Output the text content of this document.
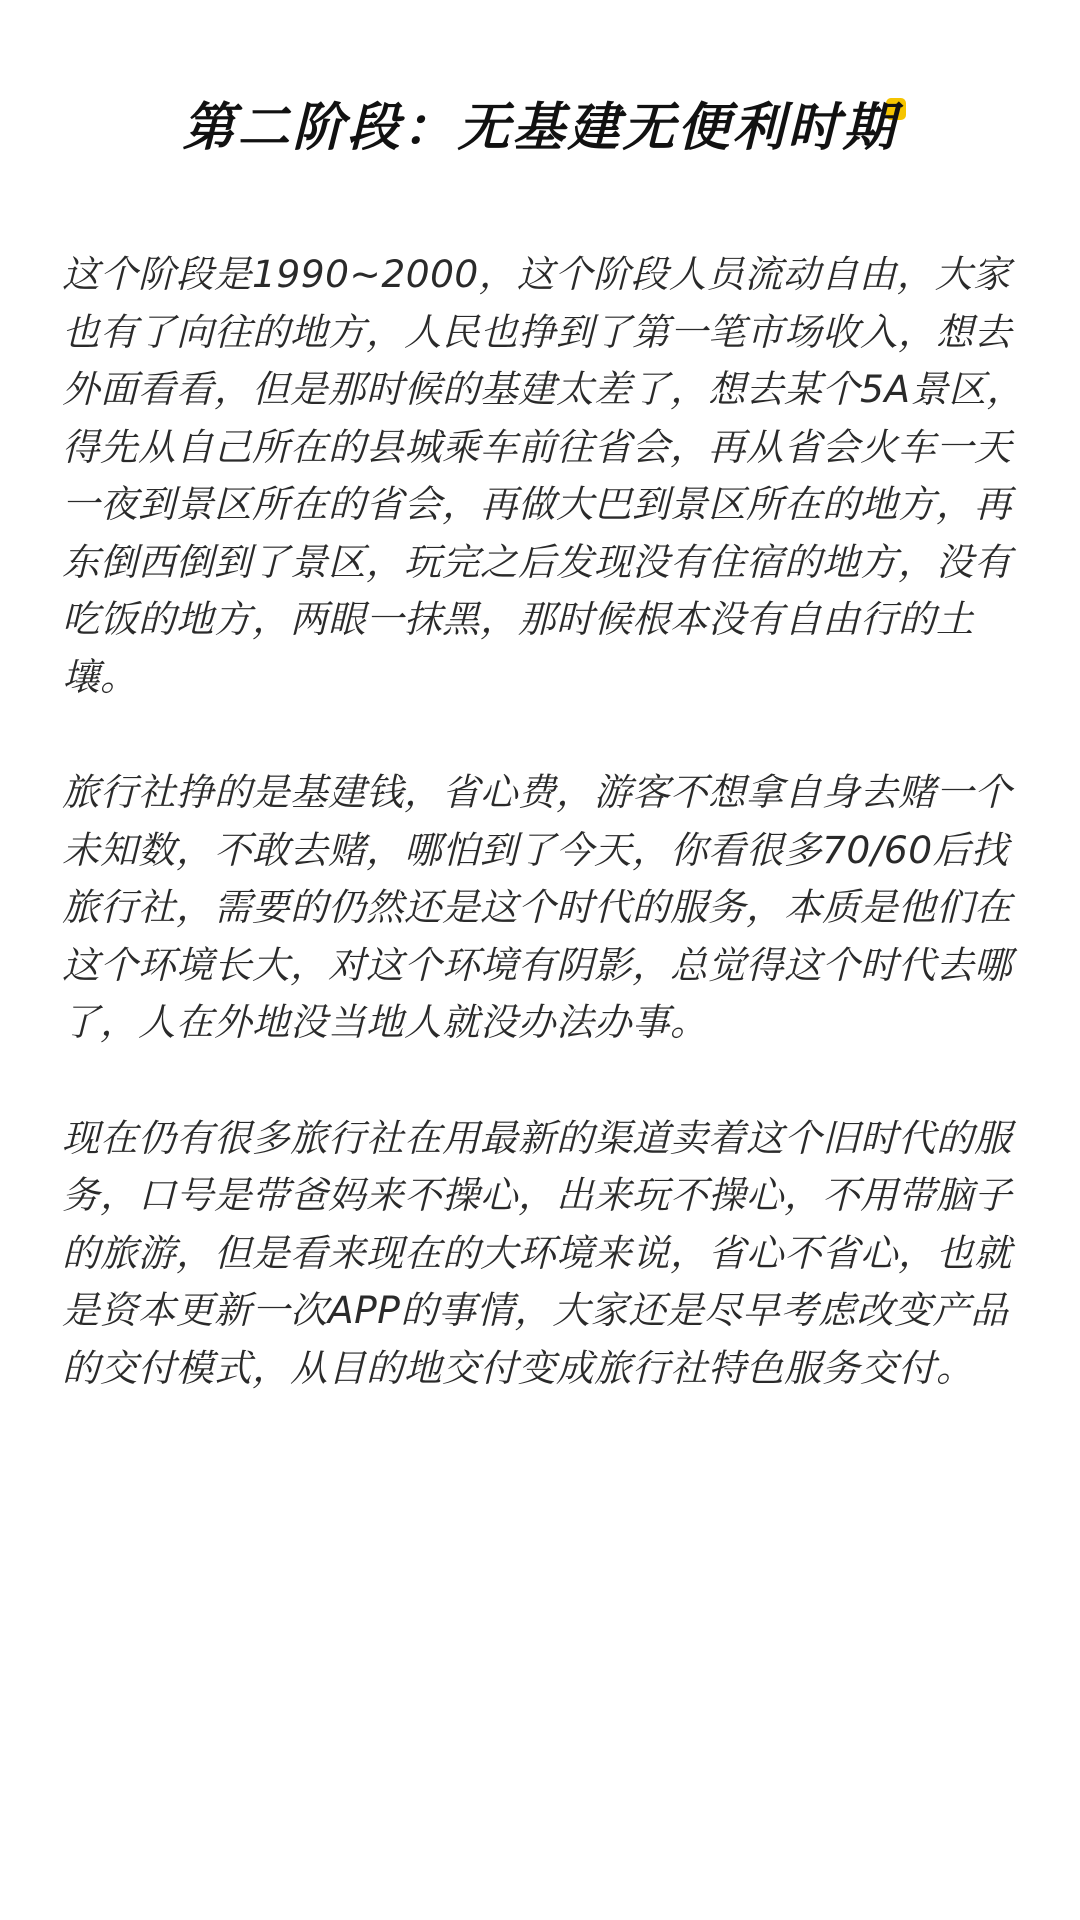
第二阶段：无基建无便利时期

这个阶段是1990~2000，这个阶段人员流动自由，大家也有了向往的地方，人民也挣到了第一笔市场收入，想去外面看看，但是那时候的基建太差了，想去某个5A景区，得先从自己所在的县城乘车前往省会，再从省会火车一天一夜到景区所在的省会，再做大巴到景区所在的地方，再东倒西倒到了景区，玩完之后发现没有住宿的地方，没有吃饭的地方，两眼一抹黑，那时候根本没有自由行的土壤。

旅行社挣的是基建钱，省心费，游客不想拿自身去赌一个未知数，不敢去赌，哪怕到了今天，你看很多70/60后找旅行社，需要的仍然还是这个时代的服务，本质是他们在这个环境长大，对这个环境有阴影，总觉得这个时代去哪了，人在外地没当地人就没办法办事。

现在仍有很多旅行社在用最新的渠道卖着这个旧时代的服务，口号是带爸妈来不操心，出来玩不操心，不用带脑子的旅游，但是看来现在的大环境来说，省心不省心，也就是资本更新一次APP的事情，大家还是尽早考虑改变产品的交付模式，从目的地交付变成旅行社特色服务交付。
